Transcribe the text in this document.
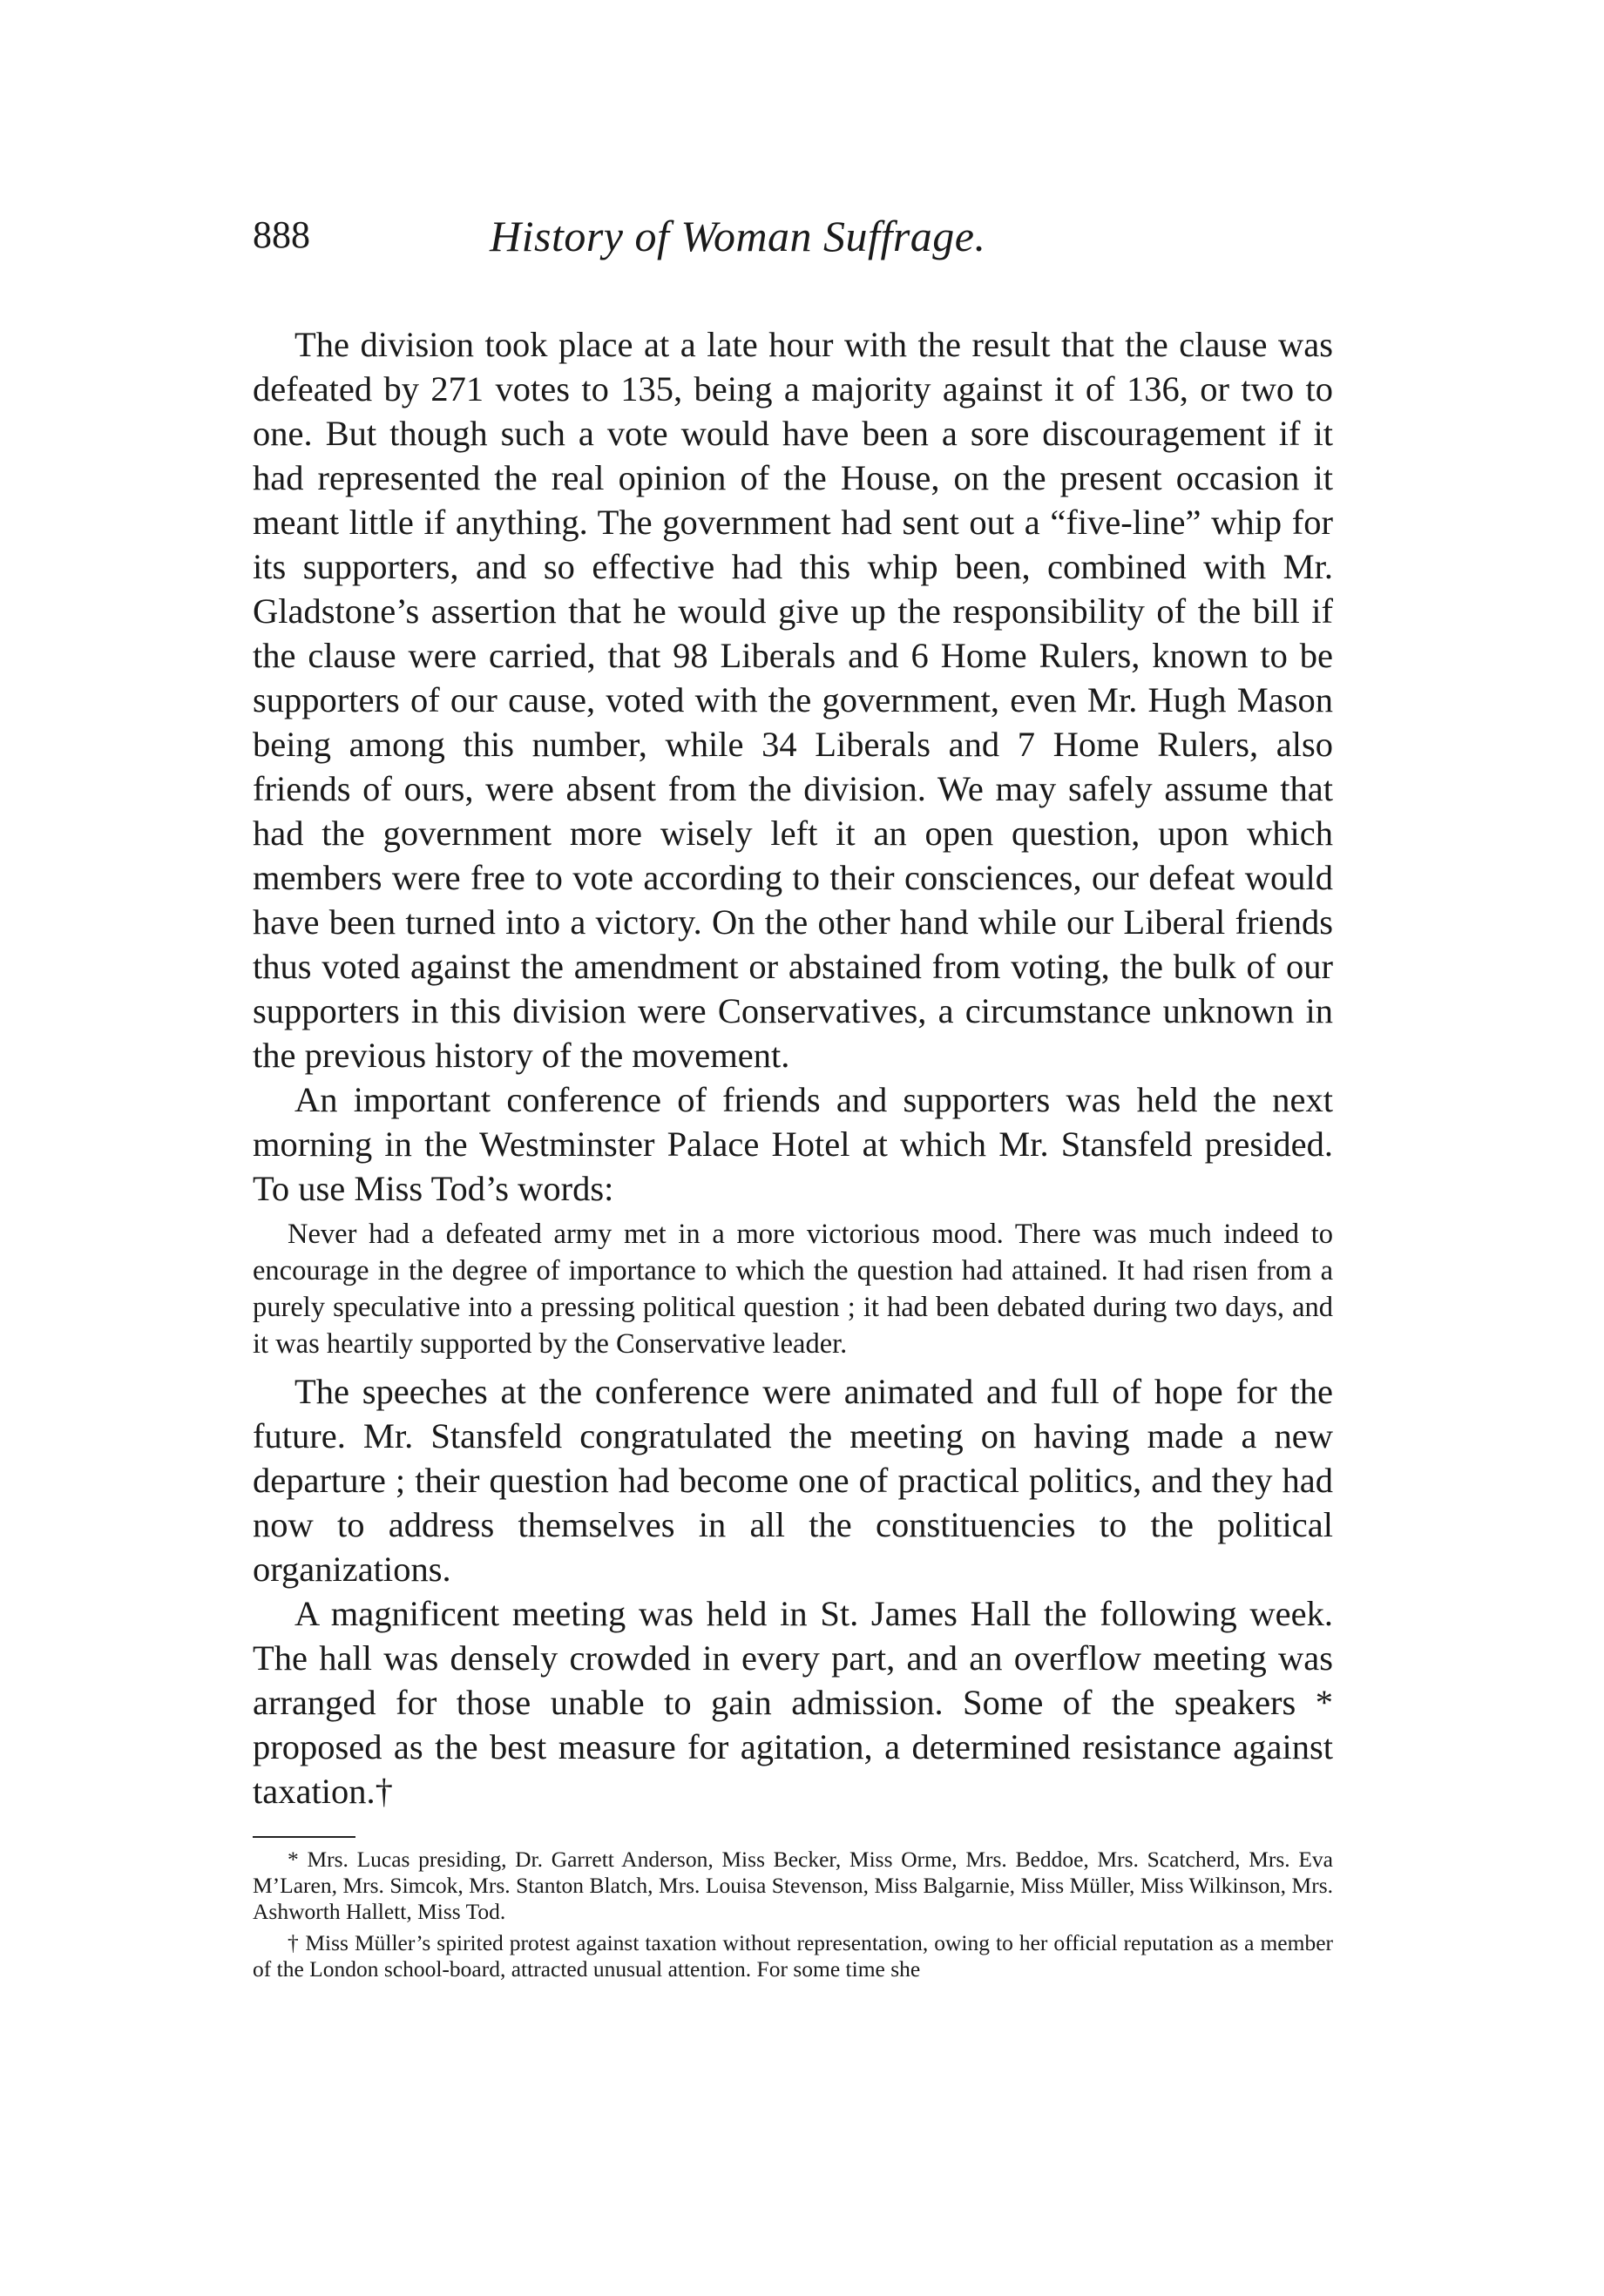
888	History of Woman Suffrage.

The division took place at a late hour with the result that the clause was defeated by 271 votes to 135, being a majority against it of 136, or two to one. But though such a vote would have been a sore discouragement if it had represented the real opinion of the House, on the present occasion it meant little if anything. The government had sent out a “five-line” whip for its supporters, and so effective had this whip been, combined with Mr. Gladstone’s assertion that he would give up the responsibility of the bill if the clause were carried, that 98 Liberals and 6 Home Rulers, known to be supporters of our cause, voted with the government, even Mr. Hugh Mason being among this number, while 34 Liberals and 7 Home Rulers, also friends of ours, were absent from the division. We may safely assume that had the government more wisely left it an open question, upon which members were free to vote according to their consciences, our defeat would have been turned into a victory. On the other hand while our Liberal friends thus voted against the amendment or abstained from voting, the bulk of our supporters in this division were Conservatives, a circumstance unknown in the previous history of the movement.

An important conference of friends and supporters was held the next morning in the Westminster Palace Hotel at which Mr. Stansfeld presided. To use Miss Tod’s words:

Never had a defeated army met in a more victorious mood. There was much indeed to encourage in the degree of importance to which the question had attained. It had risen from a purely speculative into a pressing political question ; it had been debated during two days, and it was heartily supported by the Conservative leader.

The speeches at the conference were animated and full of hope for the future. Mr. Stansfeld congratulated the meeting on having made a new departure ; their question had become one of practical politics, and they had now to address themselves in all the constituencies to the political organizations.

A magnificent meeting was held in St. James Hall the following week. The hall was densely crowded in every part, and an overflow meeting was arranged for those unable to gain admission. Some of the speakers * proposed as the best measure for agitation, a determined resistance against taxation.†

* Mrs. Lucas presiding, Dr. Garrett Anderson, Miss Becker, Miss Orme, Mrs. Beddoe, Mrs. Scatcherd, Mrs. Eva M’Laren, Mrs. Simcok, Mrs. Stanton Blatch, Mrs. Louisa Stevenson, Miss Balgarnie, Miss Müller, Miss Wilkinson, Mrs. Ashworth Hallett, Miss Tod.

† Miss Müller’s spirited protest against taxation without representation, owing to her official reputation as a member of the London school-board, attracted unusual attention. For some time she
